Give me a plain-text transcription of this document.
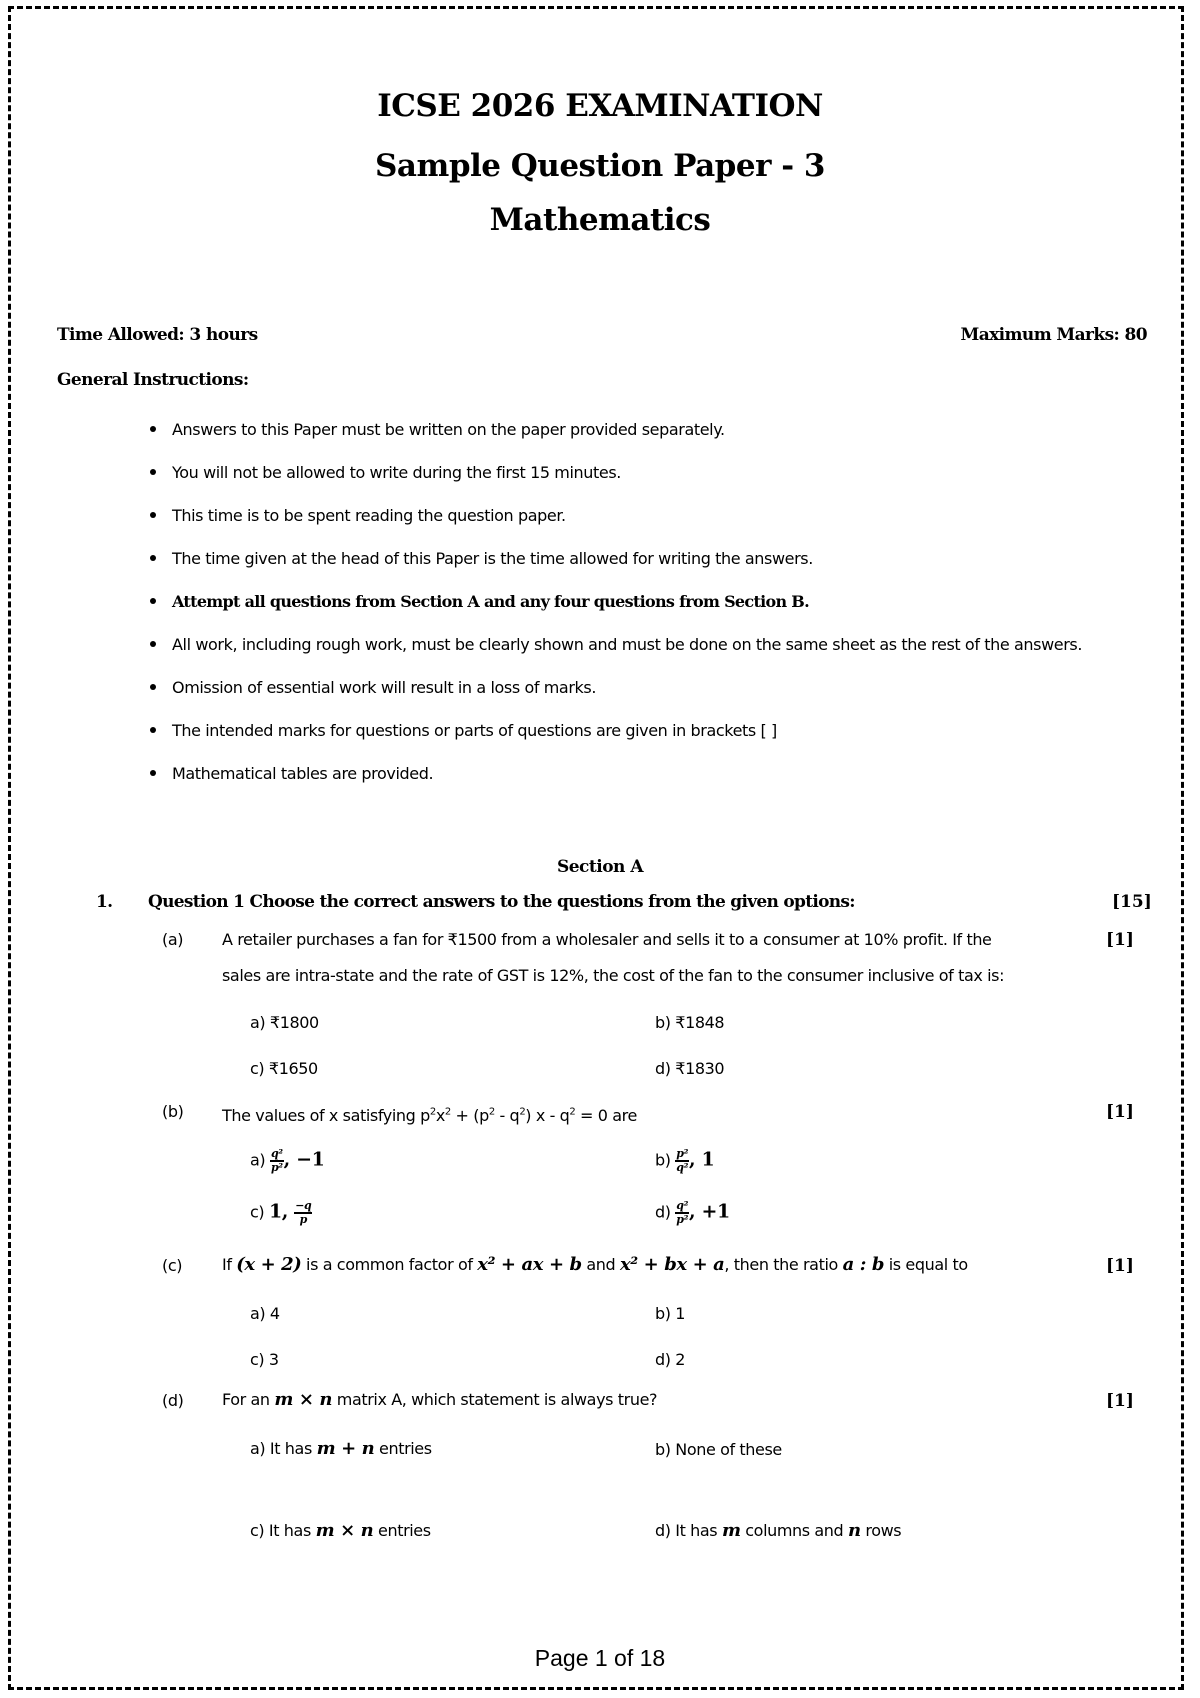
ICSE 2026 EXAMINATION
Sample Question Paper - 3
Mathematics
Time Allowed: 3 hours	Maximum Marks: 80
General Instructions:
Answers to this Paper must be written on the paper provided separately.
You will not be allowed to write during the first 15 minutes.
This time is to be spent reading the question paper.
The time given at the head of this Paper is the time allowed for writing the answers.
Attempt all questions from Section A and any four questions from Section B.
All work, including rough work, must be clearly shown and must be done on the same sheet as the rest of the answers.
Omission of essential work will result in a loss of marks.
The intended marks for questions or parts of questions are given in brackets [ ]
Mathematical tables are provided.
Section A
1. Question 1 Choose the correct answers to the questions from the given options:	[15]
(a) A retailer purchases a fan for ₹1500 from a wholesaler and sells it to a consumer at 10% profit. If the
sales are intra-state and the rate of GST is 12%, the cost of the fan to the consumer inclusive of tax is:
[1]
a) ₹1800	b) ₹1848
c) ₹1650	d) ₹1830
(b) The values of x satisfying $p^2x^2 + (p^2 - q^2)$ $x - q^2 = 0$ are	[1]
$a) \frac{\text{q²}}{\text{p²}}$ , −1	$b) \frac{\text{p²}}{\text{q²}}$ , 1
c) 1, $\frac{-q}{p}$	$d) \frac{\text{q²}}{\text{p²}}$ , +1
(c) If (x + 2) is a common factor of x² + ax + b and x² + bx + a, then the ratio a : b is equal to	[1]
a) 4	b) 1
c) 3	d) 2
(d) For an m × n matrix A, which statement is always true?	[1]
a) It has m + n entries	b) None of these
c) It has m × n entries	d) It has m columns and n rows
Page 1 of 18
